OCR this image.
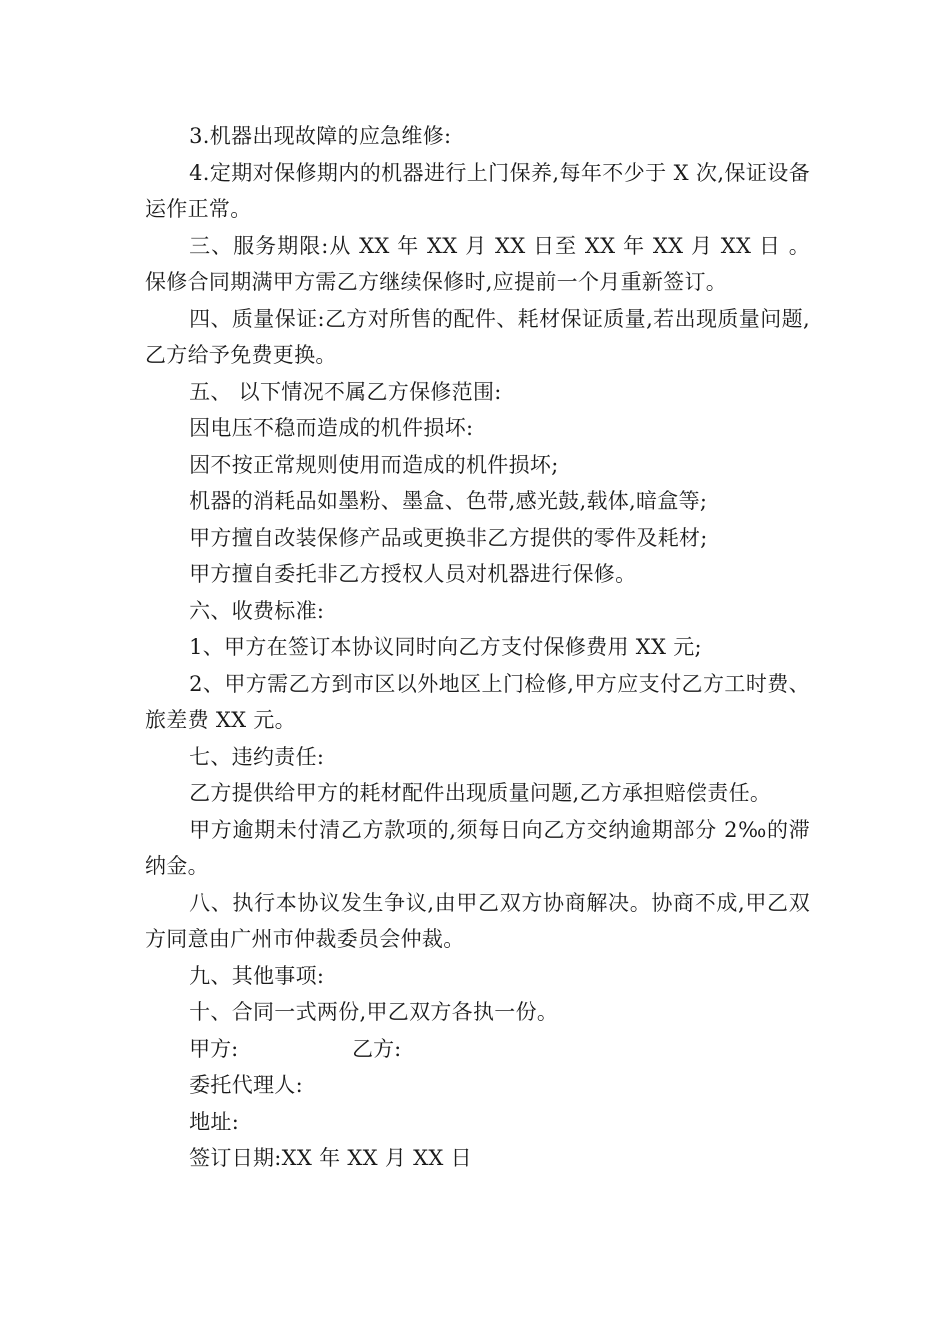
3.机器出现故障的应急维修:

4.定期对保修期内的机器进行上门保养,每年不少于 X 次,保证设备运作正常。

三、服务期限:从 XX 年 XX 月 XX 日至 XX 年 XX 月 XX 日 。保修合同期满甲方需乙方继续保修时,应提前一个月重新签订。

四、质量保证:乙方对所售的配件、耗材保证质量,若出现质量问题,乙方给予免费更换。

五、 以下情况不属乙方保修范围:

因电压不稳而造成的机件损坏:

因不按正常规则使用而造成的机件损坏;

机器的消耗品如墨粉、墨盒、色带,感光鼓,载体,暗盒等;

甲方擅自改装保修产品或更换非乙方提供的零件及耗材;

甲方擅自委托非乙方授权人员对机器进行保修。

六、收费标准:

1、甲方在签订本协议同时向乙方支付保修费用 XX 元;

2、甲方需乙方到市区以外地区上门检修,甲方应支付乙方工时费、旅差费 XX 元。

七、违约责任:

乙方提供给甲方的耗材配件出现质量问题,乙方承担赔偿责任。

甲方逾期未付清乙方款项的,须每日向乙方交纳逾期部分 2‰的滞纳金。

八、执行本协议发生争议,由甲乙双方协商解决。协商不成,甲乙双方同意由广州市仲裁委员会仲裁。

九、其他事项:

十、合同一式两份,甲乙双方各执一份。

甲方:	乙方:

委托代理人:

地址:

签订日期:XX 年 XX 月 XX 日
